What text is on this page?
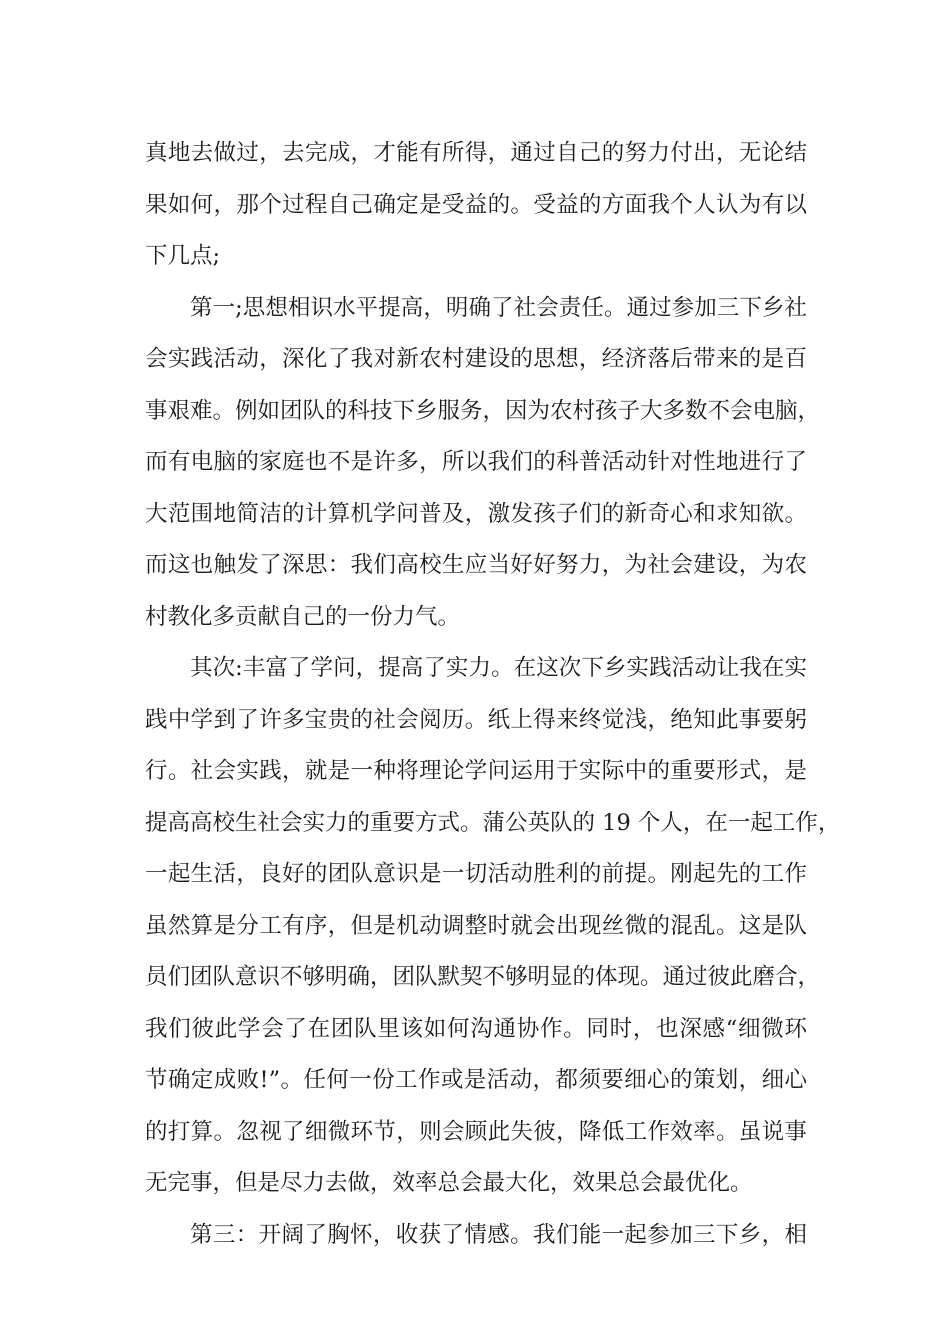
真地去做过，去完成，才能有所得，通过自己的努力付出，无论结
果如何，那个过程自己确定是受益的。受益的方面我个人认为有以
下几点;
第一;思想相识水平提高，明确了社会责任。通过参加三下乡社
会实践活动，深化了我对新农村建设的思想，经济落后带来的是百
事艰难。例如团队的科技下乡服务，因为农村孩子大多数不会电脑，
而有电脑的家庭也不是许多，所以我们的科普活动针对性地进行了
大范围地简洁的计算机学问普及，激发孩子们的新奇心和求知欲。
而这也触发了深思：我们高校生应当好好努力，为社会建设，为农
村教化多贡献自己的一份力气。
其次:丰富了学问，提高了实力。在这次下乡实践活动让我在实
践中学到了许多宝贵的社会阅历。纸上得来终觉浅，绝知此事要躬
行。社会实践，就是一种将理论学问运用于实际中的重要形式，是
提高高校生社会实力的重要方式。蒲公英队的 19 个人，在一起工作，
一起生活，良好的团队意识是一切活动胜利的前提。刚起先的工作
虽然算是分工有序，但是机动调整时就会出现丝微的混乱。这是队
员们团队意识不够明确，团队默契不够明显的体现。通过彼此磨合，
我们彼此学会了在团队里该如何沟通协作。同时，也深感“细微环
节确定成败!”。任何一份工作或是活动，都须要细心的策划，细心
的打算。忽视了细微环节，则会顾此失彼，降低工作效率。虽说事
无完事，但是尽力去做，效率总会最大化，效果总会最优化。
第三：开阔了胸怀，收获了情感。我们能一起参加三下乡，相
